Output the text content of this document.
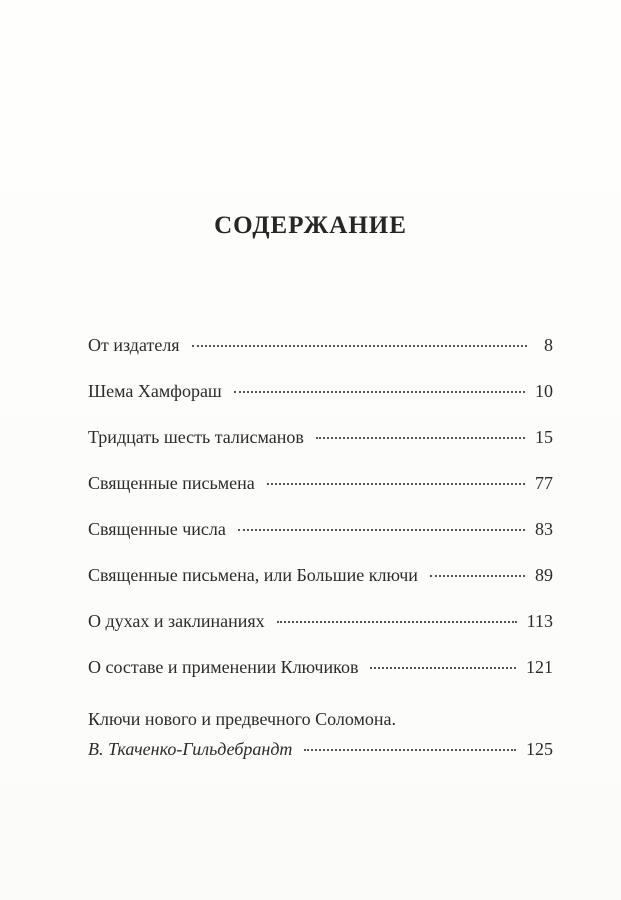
СОДЕРЖАНИЕ
От издателя	8
Шема Хамфораш	10
Тридцать шесть талисманов	15
Священные письмена	77
Священные числа	83
Священные письмена, или Большие ключи	89
О духах и заклинаниях	113
О составе и применении Ключиков	121
Ключи нового и предвечного Соломона.
В. Ткаченко-Гильдебрандт	125
